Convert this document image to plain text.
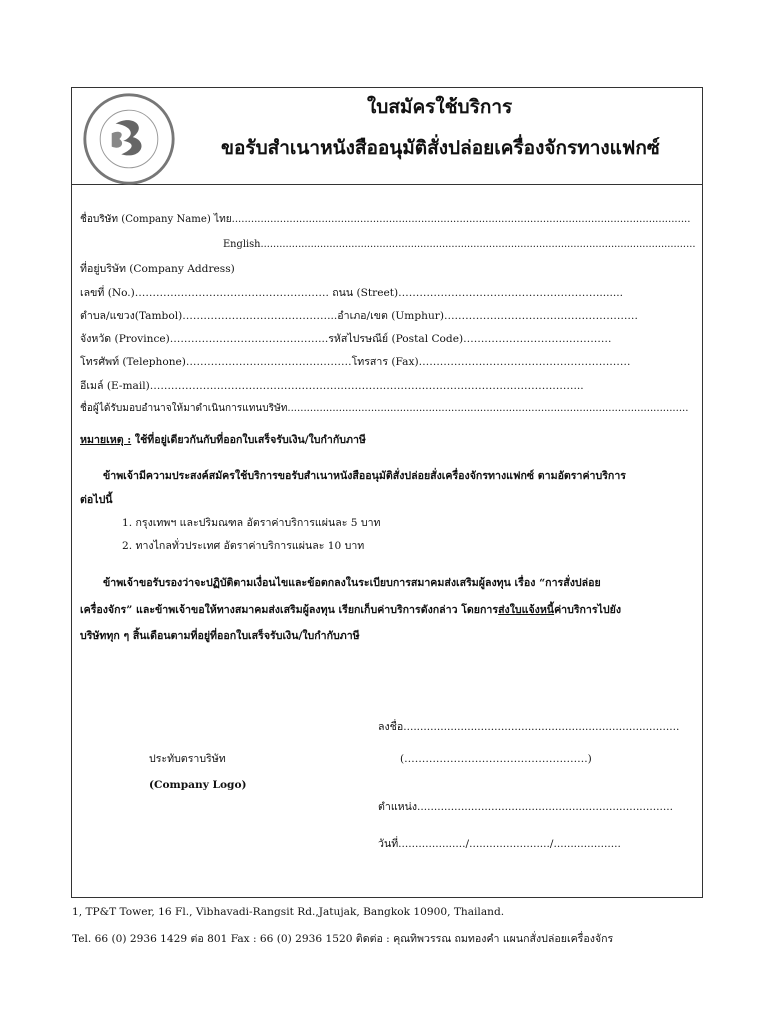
ใบสมัครใช้บริการ
ขอรับสำเนาหนังสืออนุมัติสั่งปล่อยเครื่องจักรทางแฟกซ์
ชื่อบริษัท (Company Name) ไทย...............................................................................................................................................
English...........................................................................................................................................
ที่อยู่บริษัท (Company Address)
เลขที่ (No.)………………………………………………. ถนน (Street)………………………………………………….......
ตำบล/แขวง(Tambol)……………………………………..อำเภอ/เขต (Umphur)…………………………….…………………
จังหวัด (Province)……………………………………...รหัสไปรษณีย์ (Postal Code)……………………………………
โทรศัพท์ (Telephone)…………………..……………………โทรสาร (Fax)……………………………………………………
อีเมล์ (E-mail)…………………………………………………………………………………………………………...
ชื่อผู้ได้รับมอบอำนาจให้มาดำเนินการแทนบริษัท.............................................................................................................................
หมายเหตุ : ใช้ที่อยู่เดียวกันกับที่ออกใบเสร็จรับเงิน/ใบกำกับภาษี
ข้าพเจ้ามีความประสงค์สมัครใช้บริการขอรับสำเนาหนังสืออนุมัติสั่งปล่อยสั่งเครื่องจักรทางแฟกซ์ ตามอัตราค่าบริการ
ต่อไปนี้
1. กรุงเทพฯ และปริมณฑล อัตราค่าบริการแผ่นละ 5 บาท
2. ทางไกลทั่วประเทศ อัตราค่าบริการแผ่นละ 10 บาท
ข้าพเจ้าขอรับรองว่าจะปฏิบัติตามเงื่อนไขและข้อตกลงในระเบียบการสมาคมส่งเสริมผู้ลงทุน เรื่อง “การสั่งปล่อย
เครื่องจักร” และข้าพเจ้าขอให้ทางสมาคมส่งเสริมผู้ลงทุน เรียกเก็บค่าบริการดังกล่าว โดยการส่งใบแจ้งหนี้ค่าบริการไปยัง
บริษัททุก ๆ สิ้นเดือนตามที่อยู่ที่ออกใบเสร็จรับเงิน/ใบกำกับภาษี
ลงชื่อ..................................................................................
ประทับตราบริษัท	(…………………………………………….)
(Company Logo)
ตำแหน่ง............................................................................
วันที่..................../......................../....................
1, TP&T Tower, 16 Fl., Vibhavadi-Rangsit Rd.,Jatujak, Bangkok 10900, Thailand.
Tel. 66 (0) 2936 1429 ต่อ 801 Fax : 66 (0) 2936 1520 ติดต่อ : คุณทิพวรรณ ถมทองคำ แผนกสั่งปล่อยเครื่องจักร
